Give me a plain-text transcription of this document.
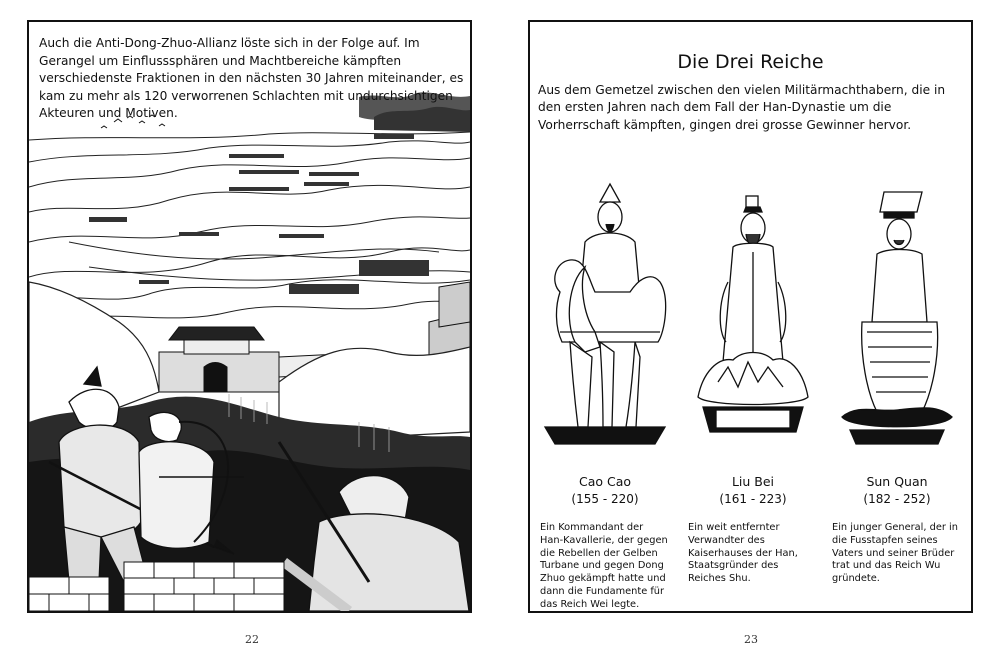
Auch die Anti-Dong-Zhuo-Allianz löste sich in der Folge auf. Im Gerangel um Einflusssphären und Machtbereiche kämpften verschiedenste Fraktionen in den nächsten 30 Jahren miteinander, es kam zu mehr als 120 verworrenen Schlachten mit undurchsichtigen Akteuren und Motiven.

22
Die Drei Reiche

Aus dem Gemetzel zwischen den vielen Militärmachthabern, die in den ersten Jahren nach dem Fall der Han-Dynastie um die Vorherrschaft kämpften, gingen drei grosse Gewinner hervor.

Cao Cao
(155 - 220)

Ein Kommandant der Han-Kavallerie, der gegen die Rebellen der Gelben Turbane und gegen Dong Zhuo gekämpft hatte und dann die Fundamente für das Reich Wei legte.

Liu Bei
(161 - 223)

Ein weit entfernter Verwandter des Kaiserhauses der Han, Staatsgründer des Reiches Shu.

Sun Quan
(182 - 252)

Ein junger General, der in die Fusstapfen seines Vaters und seiner Brüder trat und das Reich Wu gründete.

23
